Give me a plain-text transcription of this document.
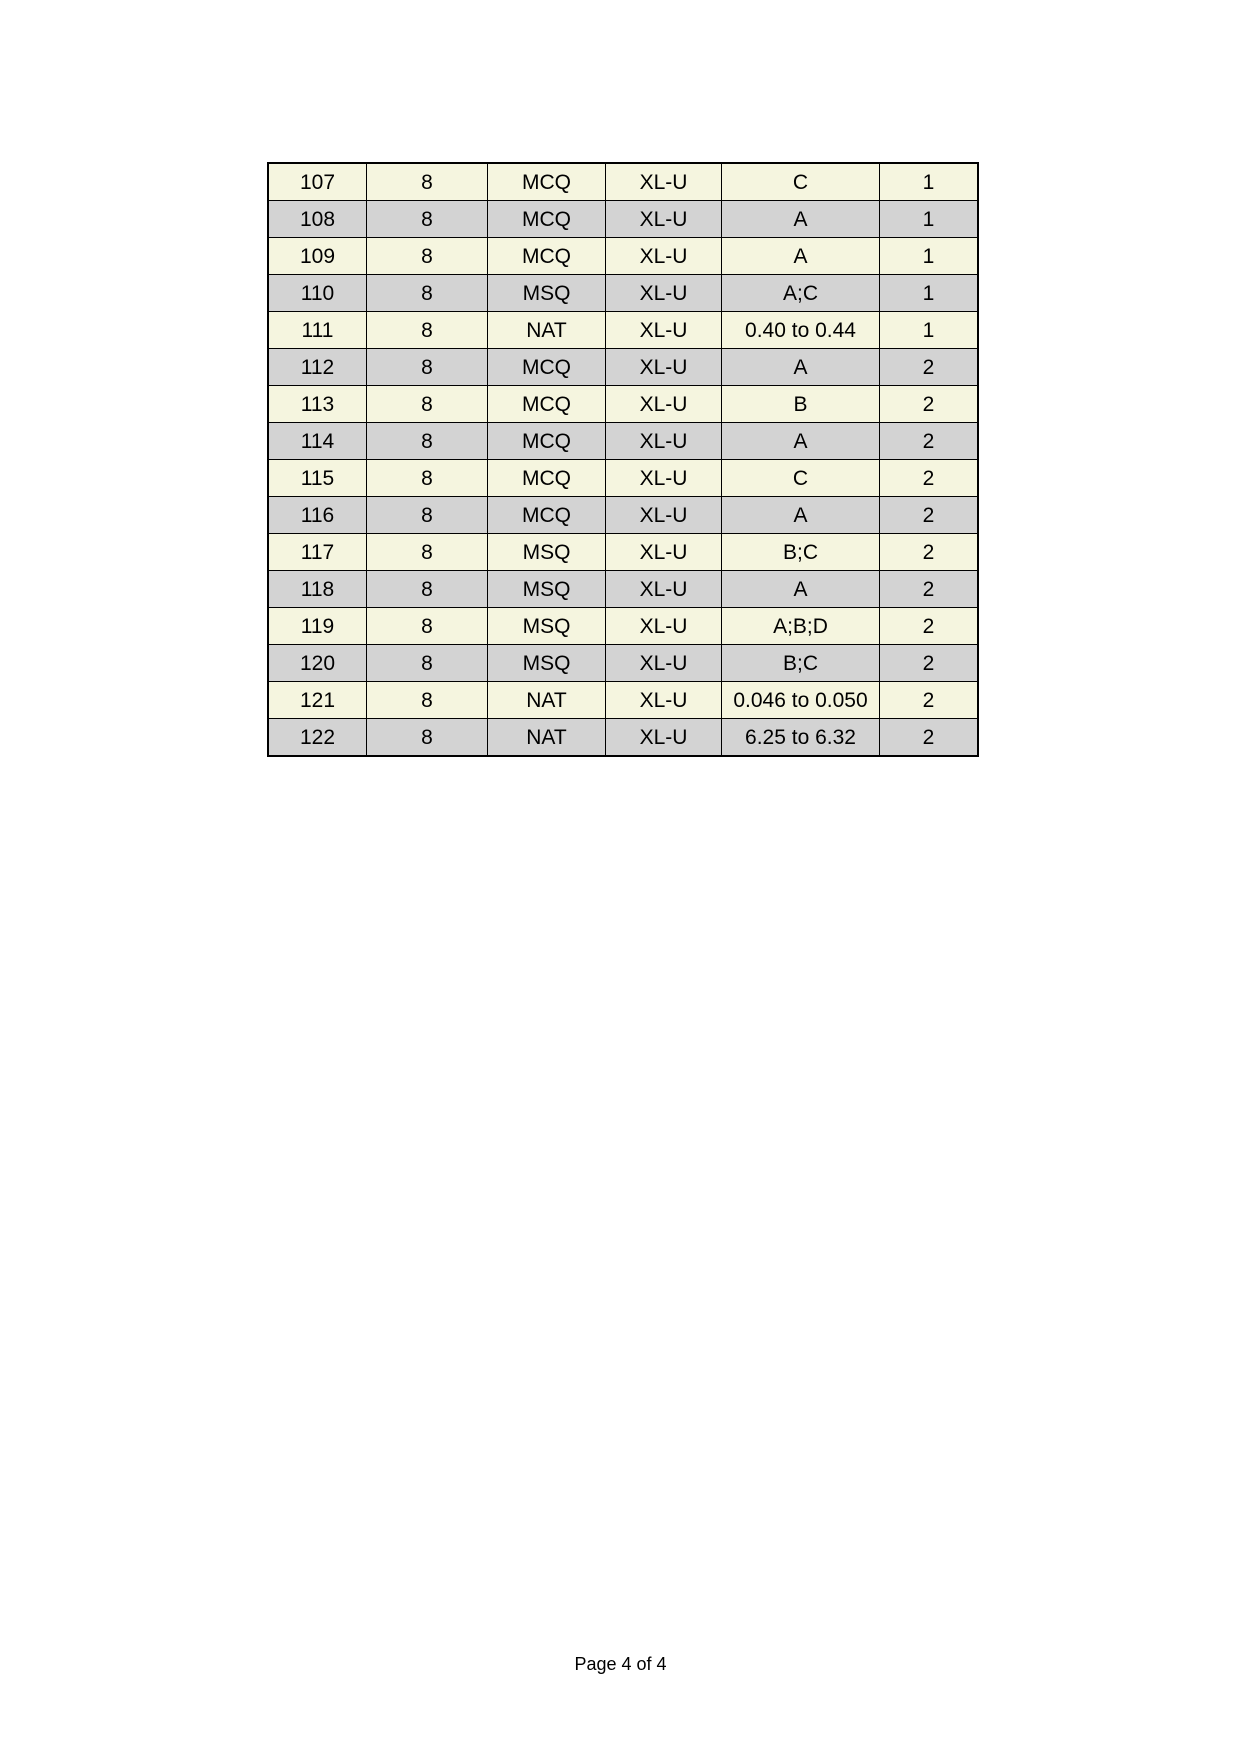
107	8	MCQ	XL-U	C	1
108	8	MCQ	XL-U	A	1
109	8	MCQ	XL-U	A	1
110	8	MSQ	XL-U	A;C	1
111	8	NAT	XL-U	0.40 to 0.44	1
112	8	MCQ	XL-U	A	2
113	8	MCQ	XL-U	B	2
114	8	MCQ	XL-U	A	2
115	8	MCQ	XL-U	C	2
116	8	MCQ	XL-U	A	2
117	8	MSQ	XL-U	B;C	2
118	8	MSQ	XL-U	A	2
119	8	MSQ	XL-U	A;B;D	2
120	8	MSQ	XL-U	B;C	2
121	8	NAT	XL-U	0.046 to 0.050	2
122	8	NAT	XL-U	6.25 to 6.32	2
Page 4 of 4
